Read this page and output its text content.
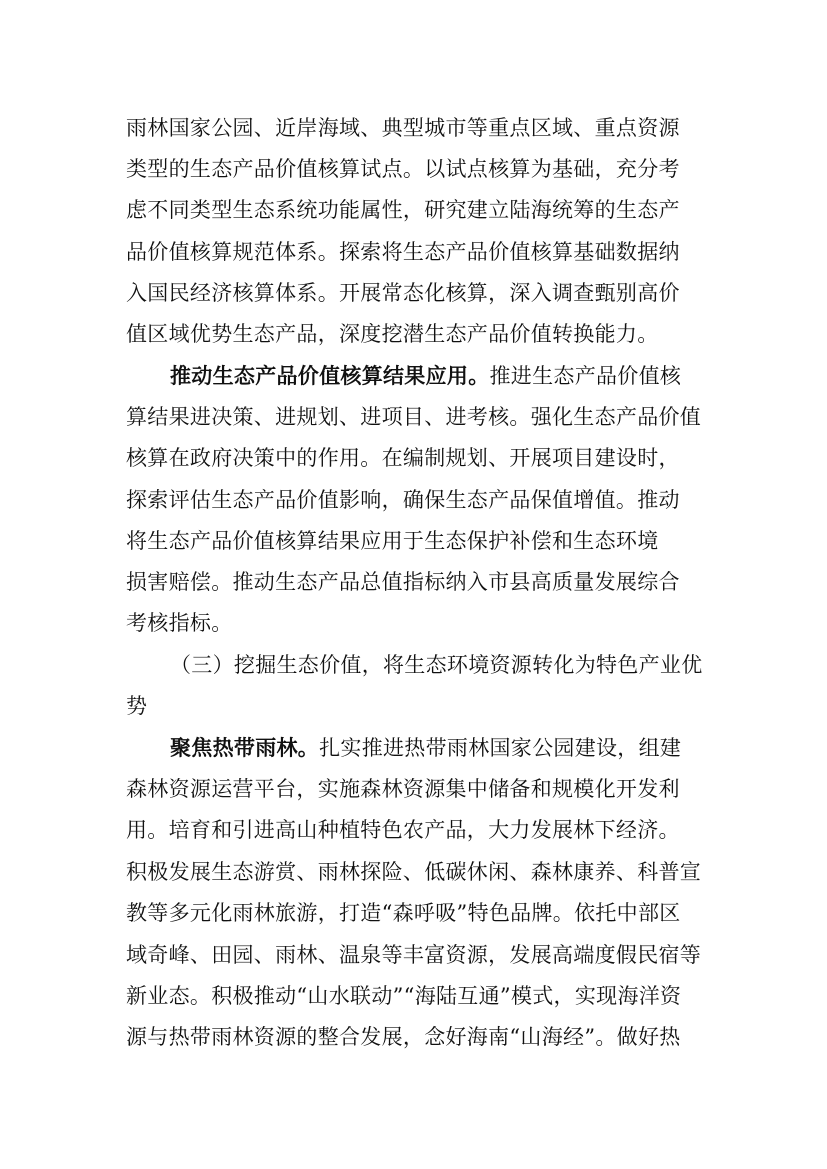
雨林国家公园、近岸海域、典型城市等重点区域、重点资源
类型的生态产品价值核算试点。以试点核算为基础，充分考
虑不同类型生态系统功能属性，研究建立陆海统筹的生态产
品价值核算规范体系。探索将生态产品价值核算基础数据纳
入国民经济核算体系。开展常态化核算，深入调查甄别高价
值区域优势生态产品，深度挖潜生态产品价值转换能力。
推动生态产品价值核算结果应用。推进生态产品价值核
算结果进决策、进规划、进项目、进考核。强化生态产品价值
核算在政府决策中的作用。在编制规划、开展项目建设时，
探索评估生态产品价值影响，确保生态产品保值增值。推动
将生态产品价值核算结果应用于生态保护补偿和生态环境
损害赔偿。推动生态产品总值指标纳入市县高质量发展综合
考核指标。
（三）挖掘生态价值，将生态环境资源转化为特色产业优
势
聚焦热带雨林。扎实推进热带雨林国家公园建设，组建
森林资源运营平台，实施森林资源集中储备和规模化开发利
用。培育和引进高山种植特色农产品，大力发展林下经济。
积极发展生态游赏、雨林探险、低碳休闲、森林康养、科普宣
教等多元化雨林旅游，打造“森呼吸”特色品牌。依托中部区
域奇峰、田园、雨林、温泉等丰富资源，发展高端度假民宿等
新业态。积极推动“山水联动”“海陆互通”模式，实现海洋资
源与热带雨林资源的整合发展，念好海南“山海经”。做好热
